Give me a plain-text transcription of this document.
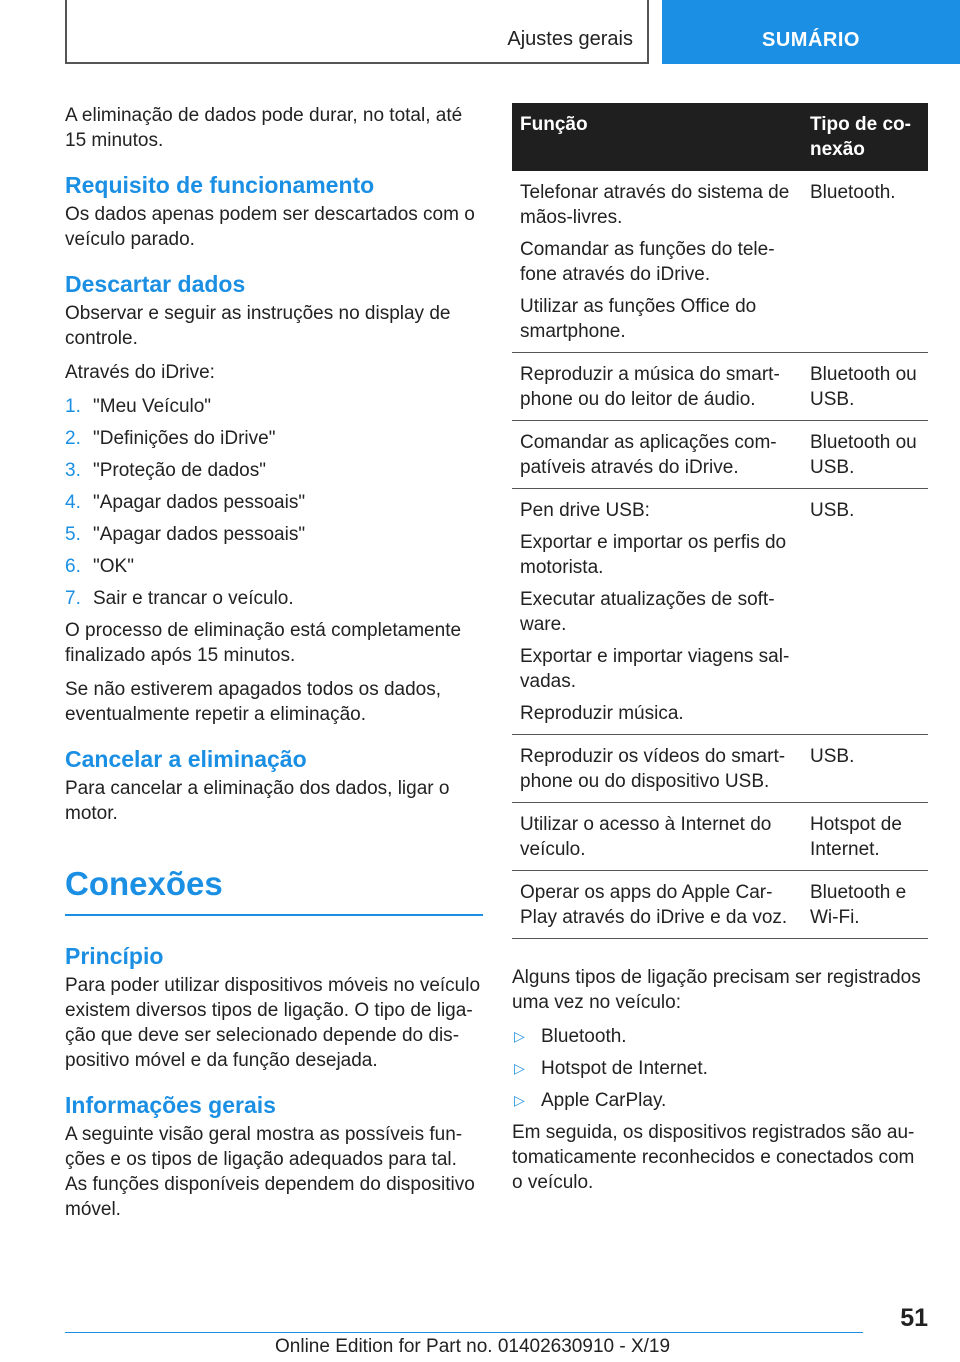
Ajustes gerais	SUMÁRIO

A eliminação de dados pode durar, no total, até 15 minutos.

Requisito de funcionamento

Os dados apenas podem ser descartados com o veículo parado.

Descartar dados

Observar e seguir as instruções no display de controle.

Através do iDrive:

1. "Meu Veículo"
2. "Definições do iDrive"
3. "Proteção de dados"
4. "Apagar dados pessoais"
5. "Apagar dados pessoais"
6. "OK"
7. Sair e trancar o veículo.

O processo de eliminação está completamente finalizado após 15 minutos.

Se não estiverem apagados todos os dados, eventualmente repetir a eliminação.

Cancelar a eliminação

Para cancelar a eliminação dos dados, ligar o motor.

Conexões
Princípio

Para poder utilizar dispositivos móveis no veículo existem diversos tipos de ligação. O tipo de ligação que deve ser selecionado depende do dispositivo móvel e da função desejada.

Informações gerais

A seguinte visão geral mostra as possíveis funções e os tipos de ligação adequados para tal. As funções disponíveis dependem do dispositivo móvel.

Função	Tipo de conexão

Telefonar através do sistema de mãos-livres.
Comandar as funções do telefone através do iDrive.
Utilizar as funções Office do smartphone.	Bluetooth.

Reproduzir a música do smartphone ou do leitor de áudio.	Bluetooth ou USB.

Comandar as aplicações compatíveis através do iDrive.	Bluetooth ou USB.

Pen drive USB:
Exportar e importar os perfis do motorista.
Executar atualizações de software.
Exportar e importar viagens salvadas.
Reproduzir música.	USB.

Reproduzir os vídeos do smartphone ou do dispositivo USB.	USB.

Utilizar o acesso à Internet do veículo.	Hotspot de Internet.

Operar os apps do Apple CarPlay através do iDrive e da voz.	Bluetooth e Wi-Fi.

Alguns tipos de ligação precisam ser registrados uma vez no veículo:

▷ Bluetooth.
▷ Hotspot de Internet.
▷ Apple CarPlay.

Em seguida, os dispositivos registrados são automaticamente reconhecidos e conectados com o veículo.

51
Online Edition for Part no. 01402630910 - X/19
